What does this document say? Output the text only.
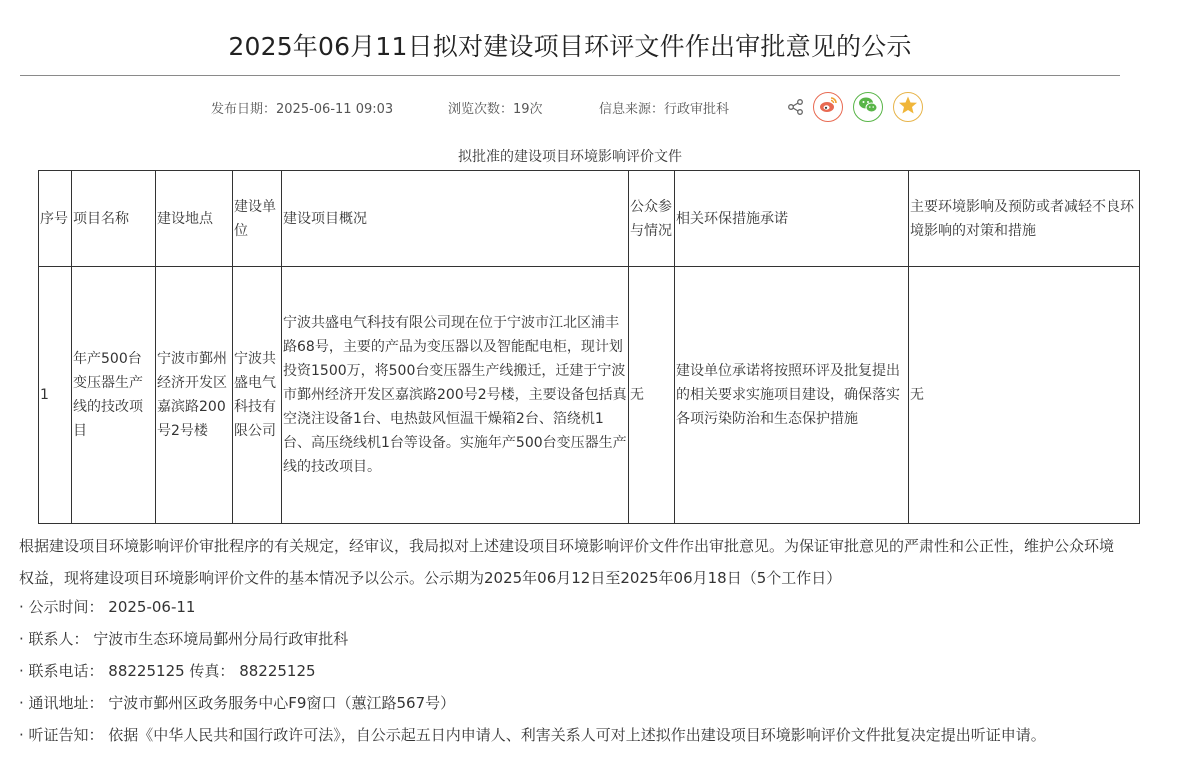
2025年06月11日拟对建设项目环评文件作出审批意见的公示
发布日期：2025-06-11 09:03	浏览次数：19次	信息来源：行政审批科
拟批准的建设项目环境影响评价文件
序号	项目名称	建设地点	建设单位	建设项目概况	公众参与情况	相关环保措施承诺	主要环境影响及预防或者减轻不良环境影响的对策和措施
1	年产500台变压器生产线的技改项目	宁波市鄞州经济开发区嘉滨路200号2号楼	宁波共盛电气科技有限公司	宁波共盛电气科技有限公司现在位于宁波市江北区浦丰路68号，主要的产品为变压器以及智能配电柜，现计划投资1500万，将500台变压器生产线搬迁，迁建于宁波市鄞州经济开发区嘉滨路200号2号楼，主要设备包括真空浇注设备1台、电热鼓风恒温干燥箱2台、箔绕机1台、高压绕线机1台等设备。实施年产500台变压器生产线的技改项目。	无	建设单位承诺将按照环评及批复提出的相关要求实施项目建设，确保落实各项污染防治和生态保护措施	无
根据建设项目环境影响评价审批程序的有关规定，经审议，我局拟对上述建设项目环境影响评价文件作出审批意见。为保证审批意见的严肃性和公正性，维护公众环境权益，现将建设项目环境影响评价文件的基本情况予以公示。公示期为2025年06月12日至2025年06月18日（5个工作日）
· 公示时间： 2025-06-11
· 联系人： 宁波市生态环境局鄞州分局行政审批科
· 联系电话： 88225125 传真： 88225125
· 通讯地址： 宁波市鄞州区政务服务中心F9窗口（蕙江路567号）
· 听证告知： 依据《中华人民共和国行政许可法》，自公示起五日内申请人、利害关系人可对上述拟作出建设项目环境影响评价文件批复决定提出听证申请。
